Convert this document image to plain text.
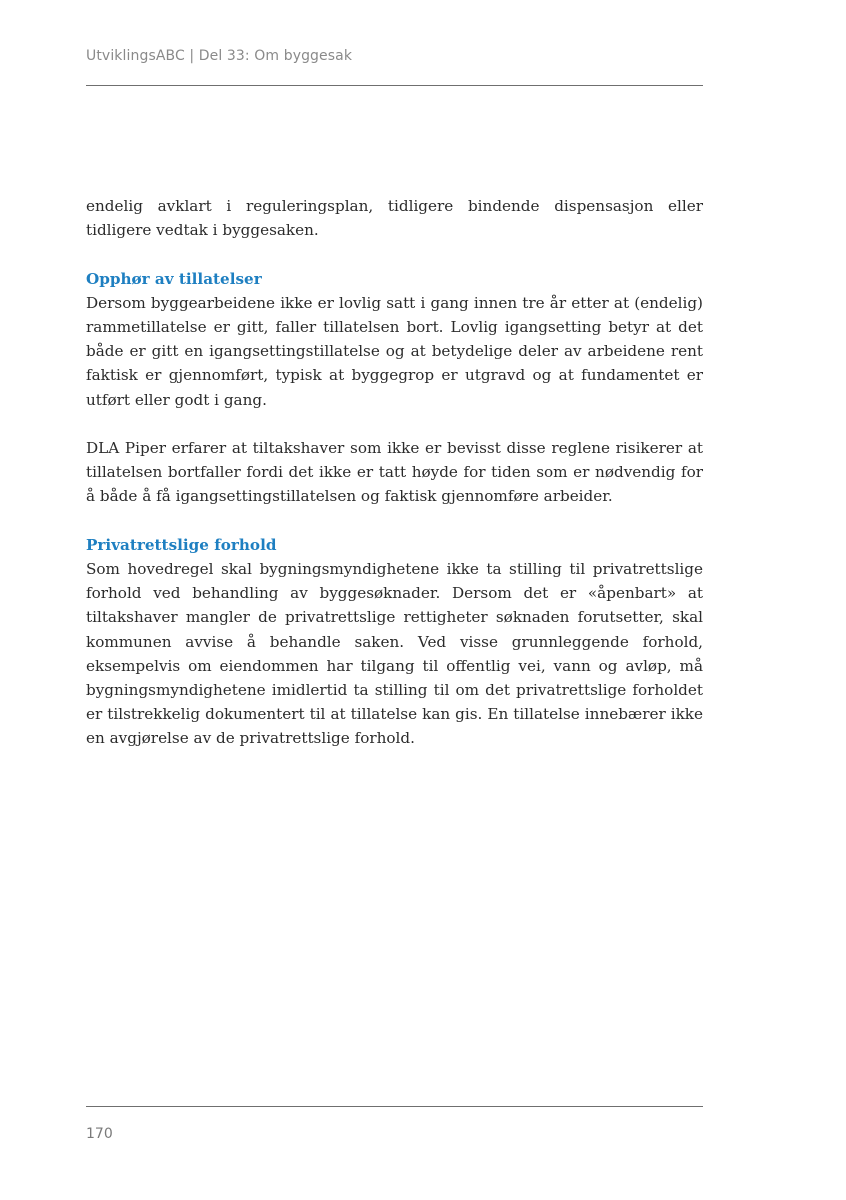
UtviklingsABC | Del 33: Om byggesak

endelig avklart i reguleringsplan, tidligere bindende dispensasjon eller tidligere vedtak i byggesaken.

Opphør av tillatelser

Dersom byggearbeidene ikke er lovlig satt i gang innen tre år etter at (endelig) rammetillatelse er gitt, faller tillatelsen bort. Lovlig igangsetting betyr at det både er gitt en igangsettingstillatelse og at betydelige deler av arbeidene rent faktisk er gjennomført, typisk at byggegrop er utgravd og at fundamentet er utført eller godt i gang.

DLA Piper erfarer at tiltakshaver som ikke er bevisst disse reglene risikerer at tillatelsen bortfaller fordi det ikke er tatt høyde for tiden som er nødvendig for å både å få igangsettingstillatelsen og faktisk gjennomføre arbeider.

Privatrettslige forhold

Som hovedregel skal bygningsmyndighetene ikke ta stilling til privatrettslige forhold ved behandling av byggesøknader. Dersom det er «åpenbart» at tiltakshaver mangler de privatrettslige rettigheter søknaden forutsetter, skal kommunen avvise å behandle saken. Ved visse grunnleggende forhold, eksempelvis om eiendommen har tilgang til offentlig vei, vann og avløp, må bygningsmyndighetene imidlertid ta stilling til om det privatrettslige forholdet er tilstrekkelig dokumentert til at tillatelse kan gis. En tillatelse innebærer ikke en avgjørelse av de privatrettslige forhold.

170
